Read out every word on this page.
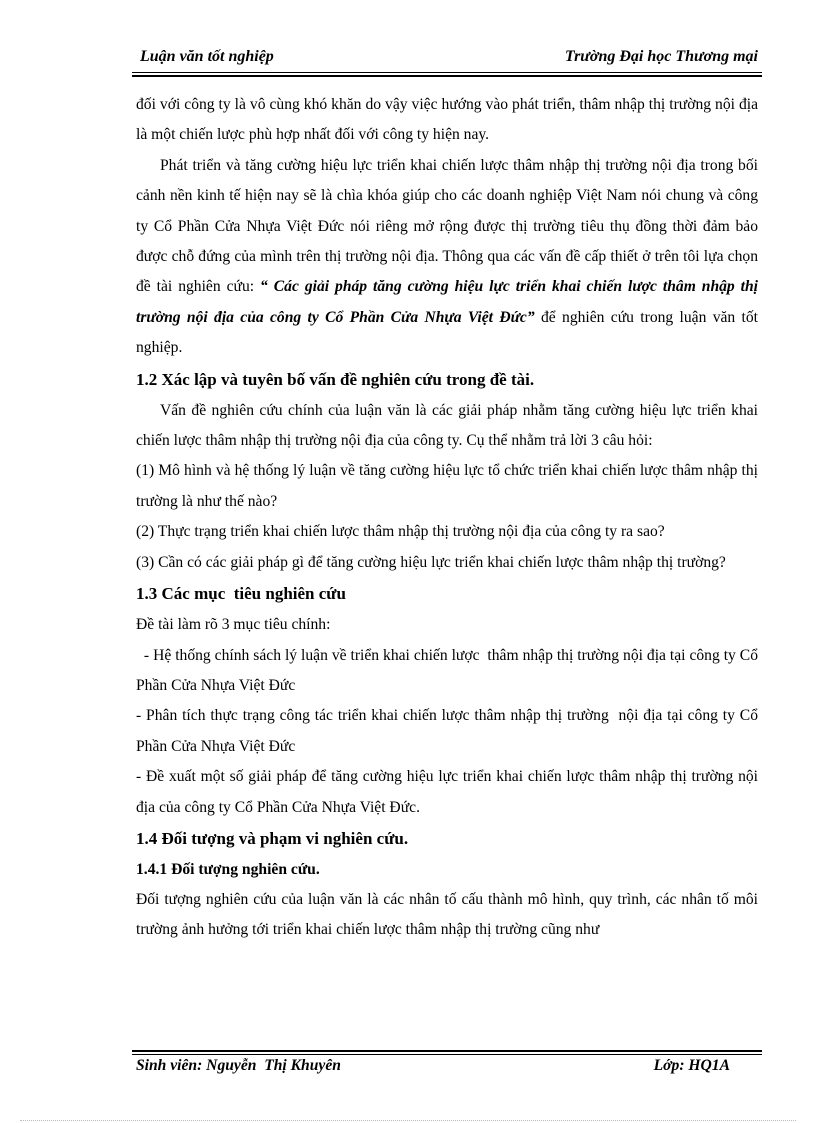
Luận văn tốt nghiệp	Trường Đại học Thương mại

đối với công ty là vô cùng khó khăn do vậy việc hướng vào phát triển, thâm nhập thị trường nội địa là một chiến lược phù hợp nhất đối với công ty hiện nay.

Phát triển và tăng cường hiệu lực triển khai chiến lược thâm nhập thị trường nội địa trong bối cảnh nền kinh tế hiện nay sẽ là chìa khóa giúp cho các doanh nghiệp Việt Nam nói chung và công ty Cổ Phần Cửa Nhựa Việt Đức nói riêng mở rộng được thị trường tiêu thụ đồng thời đảm bảo được chỗ đứng của mình trên thị trường nội địa. Thông qua các vấn đề cấp thiết ở trên tôi lựa chọn đề tài nghiên cứu: “ Các giải pháp tăng cường hiệu lực triển khai chiến lược thâm nhập thị trường nội địa của công ty Cổ Phần Cửa Nhựa Việt Đức” để nghiên cứu trong luận văn tốt nghiệp.

1.2 Xác lập và tuyên bố vấn đề nghiên cứu trong đề tài.

Vấn đề nghiên cứu chính của luận văn là các giải pháp nhằm tăng cường hiệu lực triển khai chiến lược thâm nhập thị trường nội địa của công ty. Cụ thể nhằm trả lời 3 câu hỏi:

(1) Mô hình và hệ thống lý luận về tăng cường hiệu lực tổ chức triển khai chiến lược thâm nhập thị trường là như thế nào?

(2) Thực trạng triển khai chiến lược thâm nhập thị trường nội địa của công ty ra sao?

(3) Cần có các giải pháp gì để tăng cường hiệu lực triển khai chiến lược thâm nhập thị trường?

1.3 Các mục  tiêu nghiên cứu

Đề tài làm rõ 3 mục tiêu chính:

- Hệ thống chính sách lý luận về triển khai chiến lược  thâm nhập thị trường nội địa tại công ty Cổ Phần Cửa Nhựa Việt Đức

- Phân tích thực trạng công tác triển khai chiến lược thâm nhập thị trường  nội địa tại công ty Cổ Phần Cửa Nhựa Việt Đức

- Đề xuất một số giải pháp để tăng cường hiệu lực triển khai chiến lược thâm nhập thị trường nội địa của công ty Cổ Phần Cửa Nhựa Việt Đức.

1.4 Đối tượng và phạm vi nghiên cứu.
1.4.1 Đối tượng nghiên cứu.

Đối tượng nghiên cứu của luận văn là các nhân tố cấu thành mô hình, quy trình, các nhân tố môi trường ảnh hưởng tới triển khai chiến lược thâm nhập thị trường cũng như

Sinh viên: Nguyễn  Thị Khuyên	Lớp: HQ1A
